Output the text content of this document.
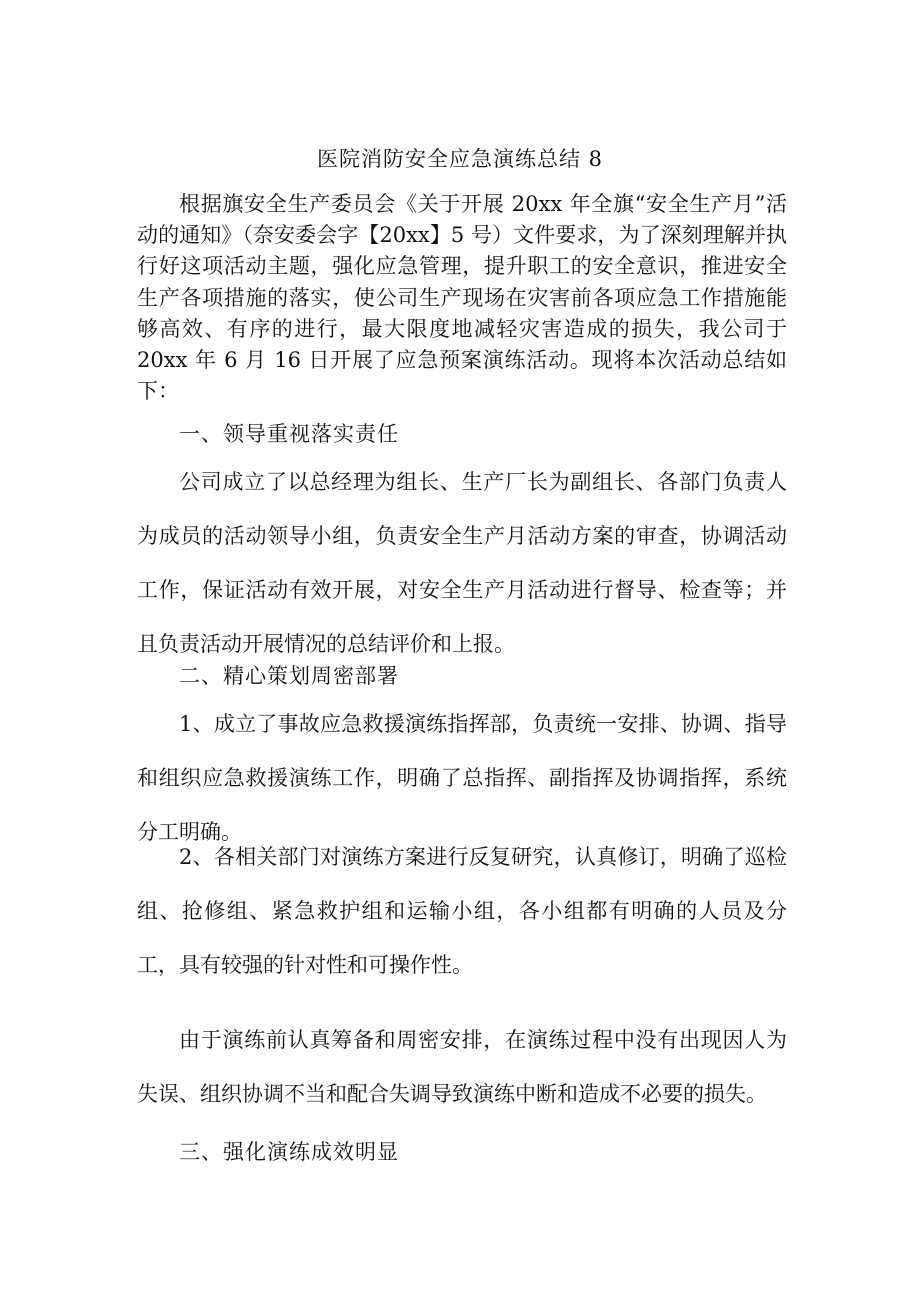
医院消防安全应急演练总结 8

根据旗安全生产委员会《关于开展 20xx 年全旗“安全生产月”活动的通知》（奈安委会字【20xx】5 号）文件要求，为了深刻理解并执行好这项活动主题，强化应急管理，提升职工的安全意识，推进安全生产各项措施的落实，使公司生产现场在灾害前各项应急工作措施能够高效、有序的进行，最大限度地减轻灾害造成的损失，我公司于 20xx 年 6 月 16 日开展了应急预案演练活动。现将本次活动总结如下：

一、领导重视落实责任

公司成立了以总经理为组长、生产厂长为副组长、各部门负责人为成员的活动领导小组，负责安全生产月活动方案的审查，协调活动工作，保证活动有效开展，对安全生产月活动进行督导、检查等；并且负责活动开展情况的总结评价和上报。

二、精心策划周密部署

1、成立了事故应急救援演练指挥部，负责统一安排、协调、指导和组织应急救援演练工作，明确了总指挥、副指挥及协调指挥，系统分工明确。

2、各相关部门对演练方案进行反复研究，认真修订，明确了巡检组、抢修组、紧急救护组和运输小组，各小组都有明确的人员及分工，具有较强的针对性和可操作性。

由于演练前认真筹备和周密安排，在演练过程中没有出现因人为失误、组织协调不当和配合失调导致演练中断和造成不必要的损失。

三、强化演练成效明显
